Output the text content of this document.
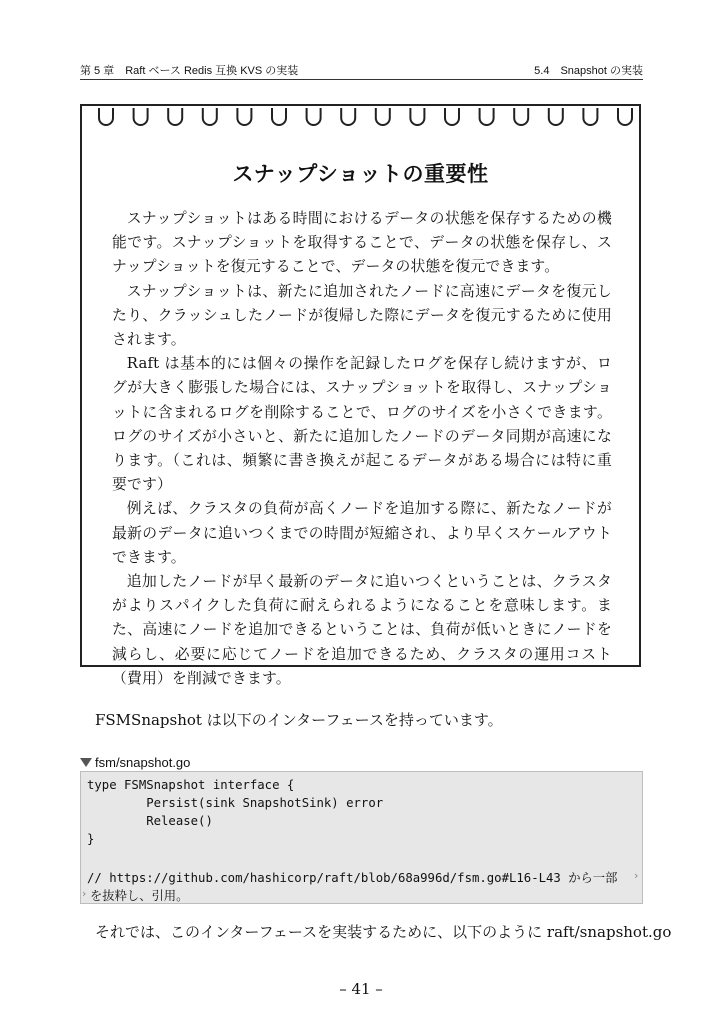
第 5 章　Raft ベース Redis 互換 KVS の実装	5.4　Snapshot の実装
スナップショットの重要性

スナップショットはある時間におけるデータの状態を保存するための機能です。スナップショットを取得することで、データの状態を保存し、スナップショットを復元することで、データの状態を復元できます。

スナップショットは、新たに追加されたノードに高速にデータを復元したり、クラッシュしたノードが復帰した際にデータを復元するために使用されます。

Raft は基本的には個々の操作を記録したログを保存し続けますが、ログが大きく膨張した場合には、スナップショットを取得し、スナップショットに含まれるログを削除することで、ログのサイズを小さくできます。ログのサイズが小さいと、新たに追加したノードのデータ同期が高速になります。（これは、頻繁に書き換えが起こるデータがある場合には特に重要です）

例えば、クラスタの負荷が高くノードを追加する際に、新たなノードが最新のデータに追いつくまでの時間が短縮され、より早くスケールアウトできます。

追加したノードが早く最新のデータに追いつくということは、クラスタがよりスパイクした負荷に耐えられるようになることを意味します。また、高速にノードを追加できるということは、負荷が低いときにノードを減らし、必要に応じてノードを追加できるため、クラスタの運用コスト（費用）を削減できます。

FSMSnapshot は以下のインターフェースを持っています。

fsm/snapshot.go
type FSMSnapshot interface {
Persist(sink SnapshotSink) error
Release()
}
// https://github.com/hashicorp/raft/blob/68a996d/fsm.go#L16-L43 から一部 ›
› を抜粋し、引用。

それでは、このインターフェースを実装するために、以下のように raft/snapshot.go

– 41 –
